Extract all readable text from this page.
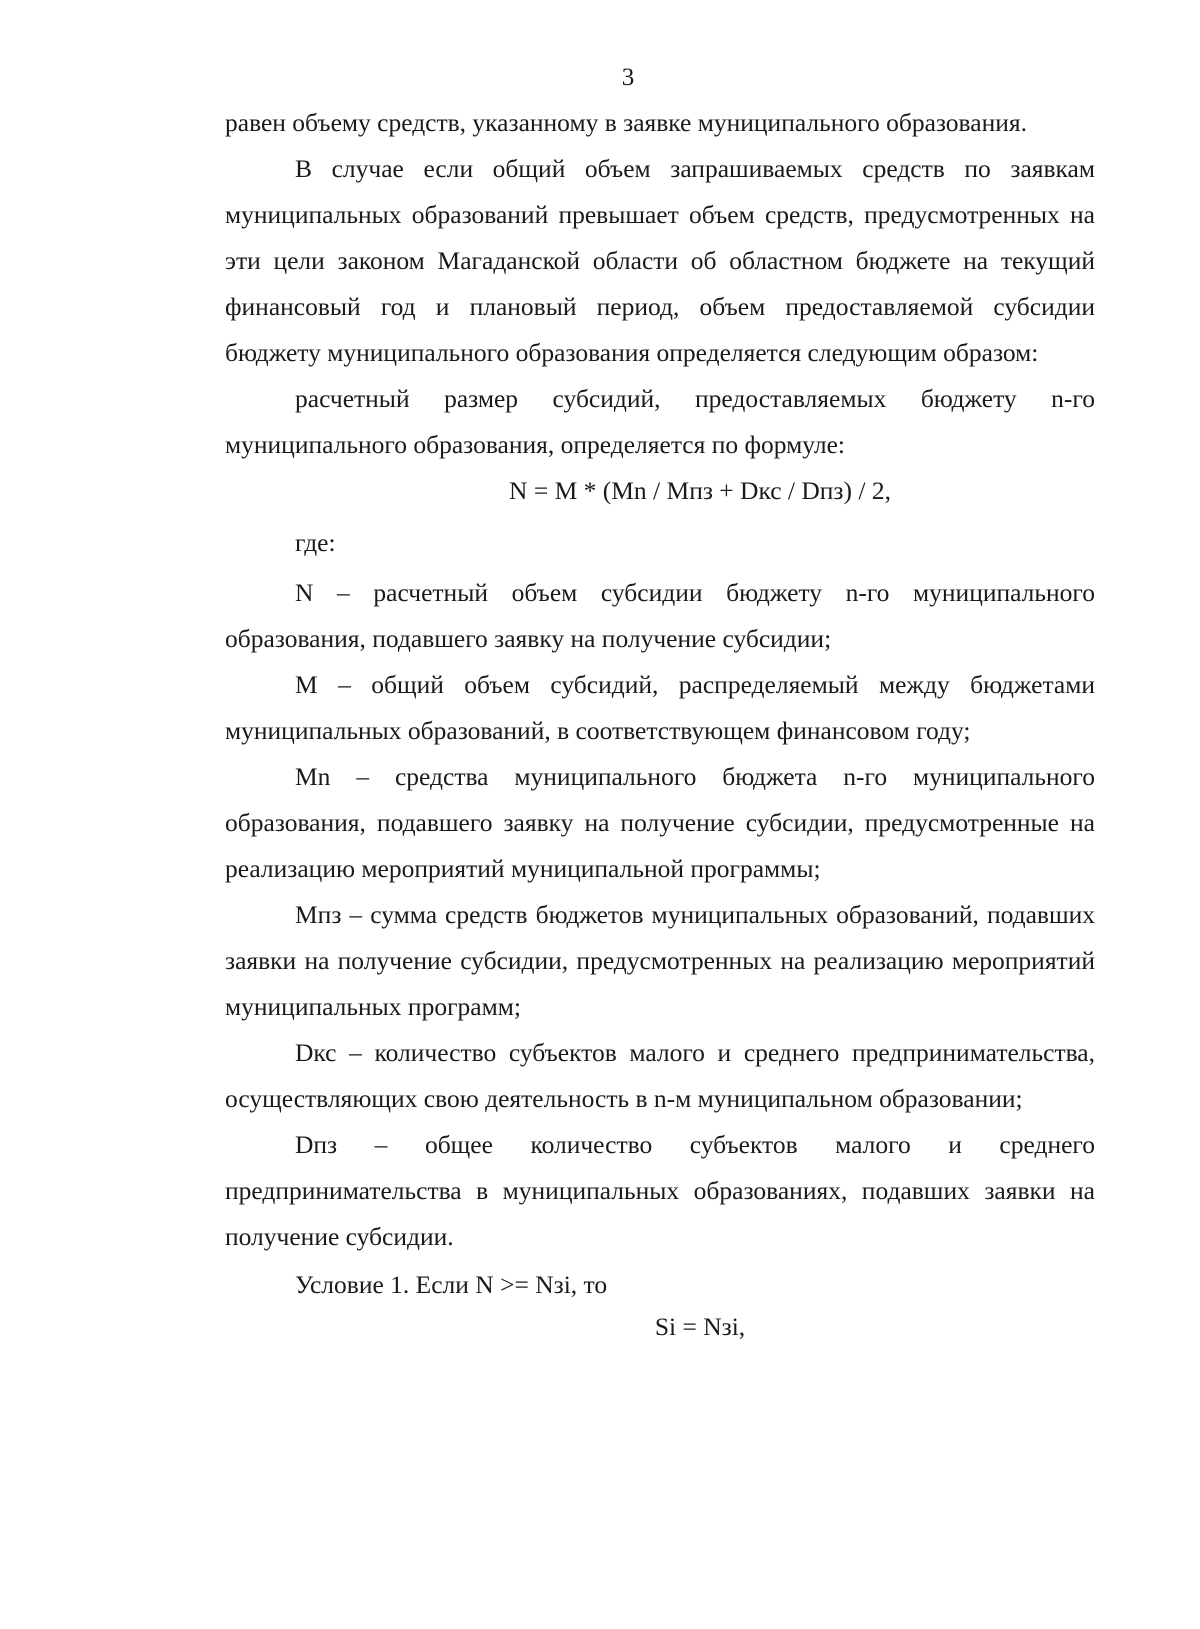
3

равен объему средств, указанному в заявке муниципального образования.

В случае если общий объем запрашиваемых средств по заявкам муниципальных образований превышает объем средств, предусмотренных на эти цели законом Магаданской области об областном бюджете на текущий финансовый год и плановый период, объем предоставляемой субсидии бюджету муниципального образования определяется следующим образом:

расчетный размер субсидий, предоставляемых бюджету n-го муниципального образования, определяется по формуле:

N = M * (Mn / Mпз + Dкс / Dпз) / 2,

где:

N – расчетный объем субсидии бюджету n-го муниципального образования, подавшего заявку на получение субсидии;

M – общий объем субсидий, распределяемый между бюджетами муниципальных образований, в соответствующем финансовом году;

Mn – средства муниципального бюджета n-го муниципального образования, подавшего заявку на получение субсидии, предусмотренные на реализацию мероприятий муниципальной программы;

Mпз – сумма средств бюджетов муниципальных образований, подавших заявки на получение субсидии, предусмотренных на реализацию мероприятий муниципальных программ;

Dкс – количество субъектов малого и среднего предпринимательства, осуществляющих свою деятельность в n-м муниципальном образовании;

Dпз – общее количество субъектов малого и среднего предпринимательства в муниципальных образованиях, подавших заявки на получение субсидии.

Условие 1. Если N >= Nзi, то

Si = Nзi,
